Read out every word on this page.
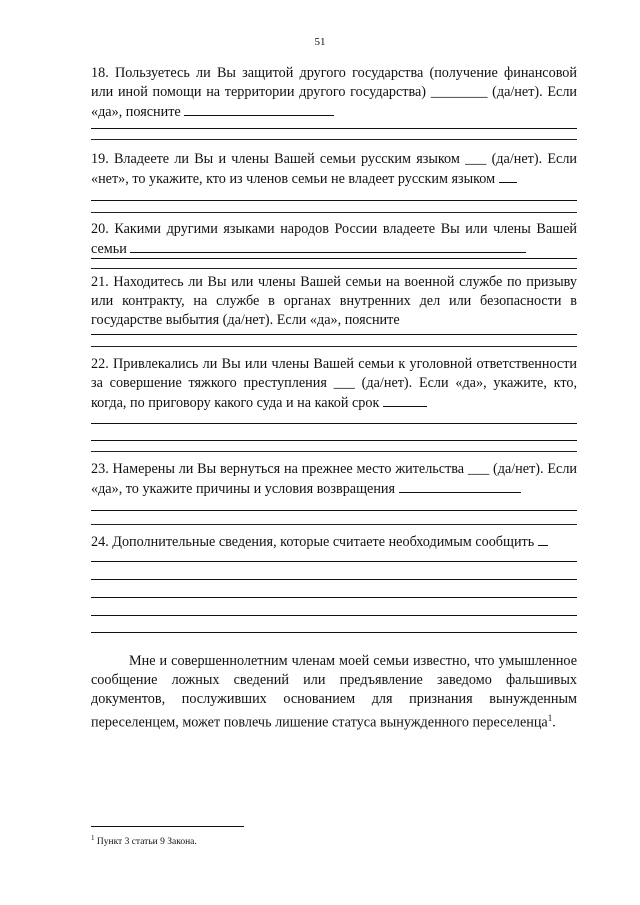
51

18. Пользуетесь ли Вы защитой другого государства (получение финансовой или иной помощи на территории другого государства) ________ (да/нет). Если «да», поясните

19. Владеете ли Вы и члены Вашей семьи русским языком ___ (да/нет). Если «нет», то укажите, кто из членов семьи не владеет русским языком

20. Какими другими языками народов России владеете Вы или члены Вашей семьи

21. Находитесь ли Вы или члены Вашей семьи на военной службе по призыву или контракту, на службе в органах внутренних дел или безопасности в государстве выбытия (да/нет). Если «да», поясните

22. Привлекались ли Вы или члены Вашей семьи к уголовной ответственности за совершение тяжкого преступления ___ (да/нет). Если «да», укажите, кто, когда, по приговору какого суда и на какой срок

23. Намерены ли Вы вернуться на прежнее место жительства ___ (да/нет). Если «да», то укажите причины и условия возвращения

24. Дополнительные сведения, которые считаете необходимым сообщить

Мне и совершеннолетним членам моей семьи известно, что умышленное сообщение ложных сведений или предъявление заведомо фальшивых документов, послуживших основанием для признания вынужденным переселенцем, может повлечь лишение статуса вынужденного переселенца$^1$.

$^1$ Пункт 3 статьи 9 Закона.
